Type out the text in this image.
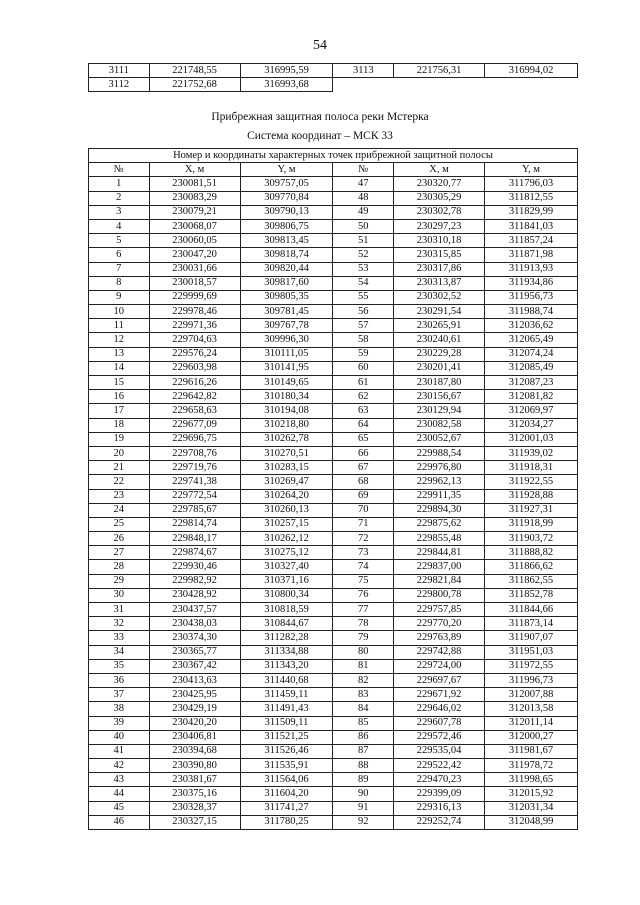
54
3111	221748,55	316995,59	3113	221756,31	316994,02
3112	221752,68	316993,68			
Прибрежная защитная полоса реки Мстерка
Система координат – МСК 33
Номер и координаты характерных точек прибрежной защитной полосы					
№	X, м	Y, м	№	X, м	Y, м
1	230081,51	309757,05	47	230320,77	311796,03
2	230083,29	309770,84	48	230305,29	311812,55
3	230079,21	309790,13	49	230302,78	311829,99
4	230068,07	309806,75	50	230297,23	311841,03
5	230060,05	309813,45	51	230310,18	311857,24
6	230047,20	309818,74	52	230315,85	311871,98
7	230031,66	309820,44	53	230317,86	311913,93
8	230018,57	309817,60	54	230313,87	311934,86
9	229999,69	309805,35	55	230302,52	311956,73
10	229978,46	309781,45	56	230291,54	311988,74
11	229971,36	309767,78	57	230265,91	312036,62
12	229704,63	309996,30	58	230240,61	312065,49
13	229576,24	310111,05	59	230229,28	312074,24
14	229603,98	310141,95	60	230201,41	312085,49
15	229616,26	310149,65	61	230187,80	312087,23
16	229642,82	310180,34	62	230156,67	312081,82
17	229658,63	310194,08	63	230129,94	312069,97
18	229677,09	310218,80	64	230082,58	312034,27
19	229696,75	310262,78	65	230052,67	312001,03
20	229708,76	310270,51	66	229988,54	311939,02
21	229719,76	310283,15	67	229976,80	311918,31
22	229741,38	310269,47	68	229962,13	311922,55
23	229772,54	310264,20	69	229911,35	311928,88
24	229785,67	310260,13	70	229894,30	311927,31
25	229814,74	310257,15	71	229875,62	311918,99
26	229848,17	310262,12	72	229855,48	311903,72
27	229874,67	310275,12	73	229844,81	311888,82
28	229930,46	310327,40	74	229837,00	311866,62
29	229982,92	310371,16	75	229821,84	311862,55
30	230428,92	310800,34	76	229800,78	311852,78
31	230437,57	310818,59	77	229757,85	311844,66
32	230438,03	310844,67	78	229770,20	311873,14
33	230374,30	311282,28	79	229763,89	311907,07
34	230365,77	311334,88	80	229742,88	311951,03
35	230367,42	311343,20	81	229724,00	311972,55
36	230413,63	311440,68	82	229697,67	311996,73
37	230425,95	311459,11	83	229671,92	312007,88
38	230429,19	311491,43	84	229646,02	312013,58
39	230420,20	311509,11	85	229607,78	312011,14
40	230406,81	311521,25	86	229572,46	312000,27
41	230394,68	311526,46	87	229535,04	311981,67
42	230390,80	311535,91	88	229522,42	311978,72
43	230381,67	311564,06	89	229470,23	311998,65
44	230375,16	311604,20	90	229399,09	312015,92
45	230328,37	311741,27	91	229316,13	312031,34
46	230327,15	311780,25	92	229252,74	312048,99
